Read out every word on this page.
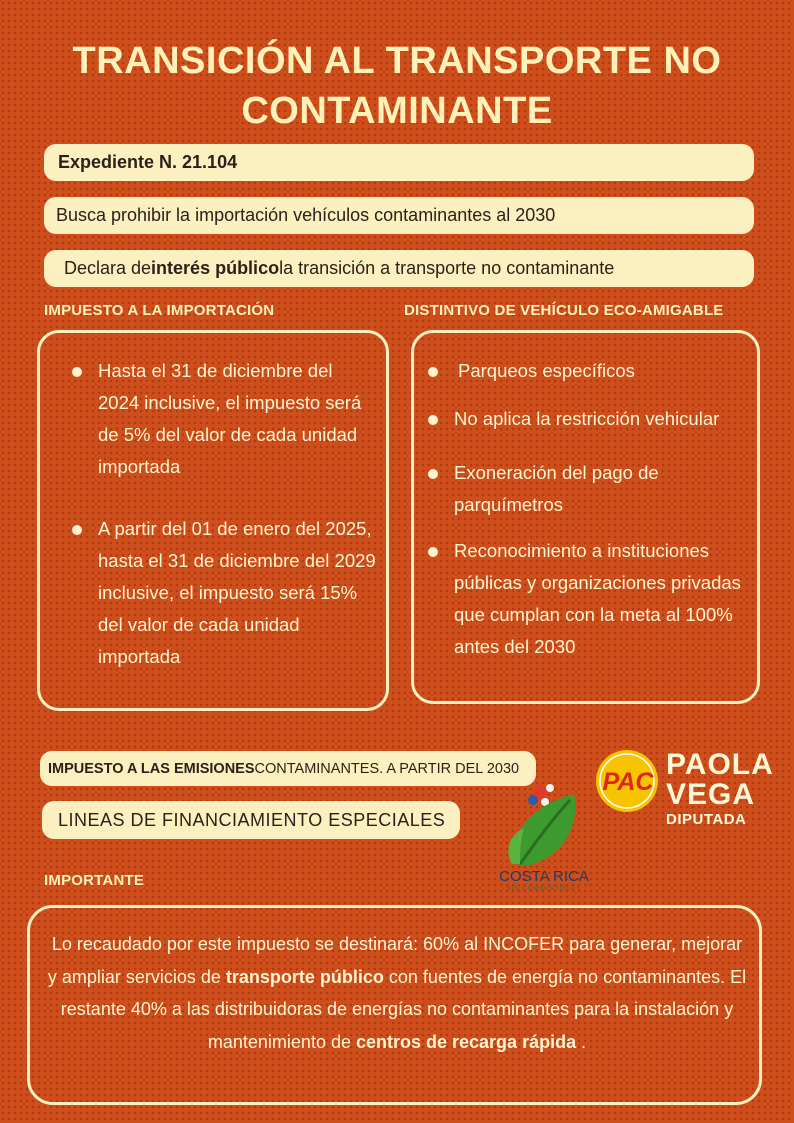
TRANSICIÓN AL TRANSPORTE NO
CONTAMINANTE
Expediente N. 21.104
Busca prohibir la importación vehículos contaminantes al 2030
Declara de interés público la transición a transporte no contaminante
IMPUESTO A LA IMPORTACIÓN	DISTINTIVO DE VEHÍCULO ECO-AMIGABLE
Hasta el 31 de diciembre del 2024 inclusive, el impuesto será de 5% del valor de cada unidad importada
A partir del 01 de enero del 2025, hasta el 31 de diciembre del 2029 inclusive, el impuesto será 15% del valor de cada unidad importada
Parqueos específicos
No aplica la restricción vehicular
Exoneración del pago de parquímetros
Reconocimiento a instituciones públicas y organizaciones privadas que cumplan con la meta al 100% antes del 2030
IMPUESTO A LAS EMISIONES CONTAMINANTES. A PARTIR DEL 2030
LINEAS DE FINANCIAMIENTO ESPECIALES
COSTA RICA
SIN COMBUSTIBLES
PAC
PAOLA
VEGA
DIPUTADA
IMPORTANTE
Lo recaudado por este impuesto se destinará: 60% al INCOFER para generar, mejorar y ampliar servicios de transporte público con fuentes de energía no contaminantes. El restante 40% a las distribuidoras de energías no contaminantes para la instalación y mantenimiento de centros de recarga rápida .
